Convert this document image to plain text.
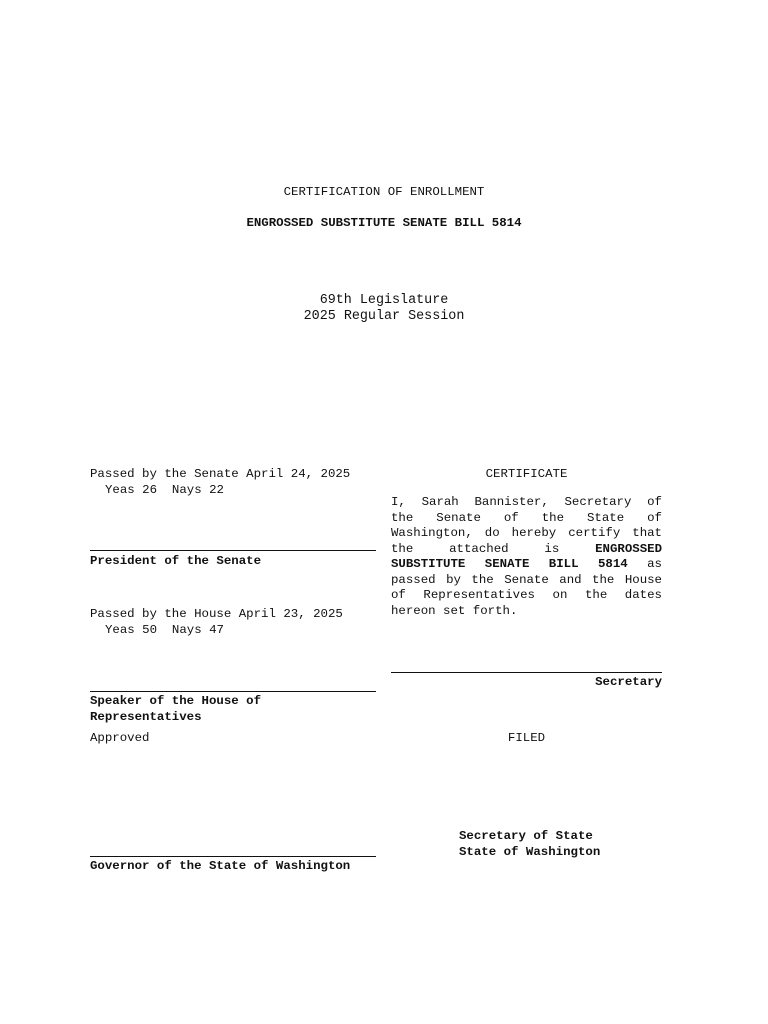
CERTIFICATION OF ENROLLMENT
ENGROSSED SUBSTITUTE SENATE BILL 5814
69th Legislature
2025 Regular Session
Passed by the Senate April 24, 2025
Yeas 26  Nays 22
President of the Senate
Passed by the House April 23, 2025
Yeas 50  Nays 47
Speaker of the House of
Representatives
Approved
Governor of the State of Washington
CERTIFICATE
I, Sarah Bannister, Secretary of
the Senate of the State of
Washington, do hereby certify that
the attached is	ENGROSSED
SUBSTITUTE SENATE BILL 5814 as
passed by the Senate and the House
of Representatives on the dates
hereon set forth.
Secretary
FILED
Secretary of State
State of Washington
